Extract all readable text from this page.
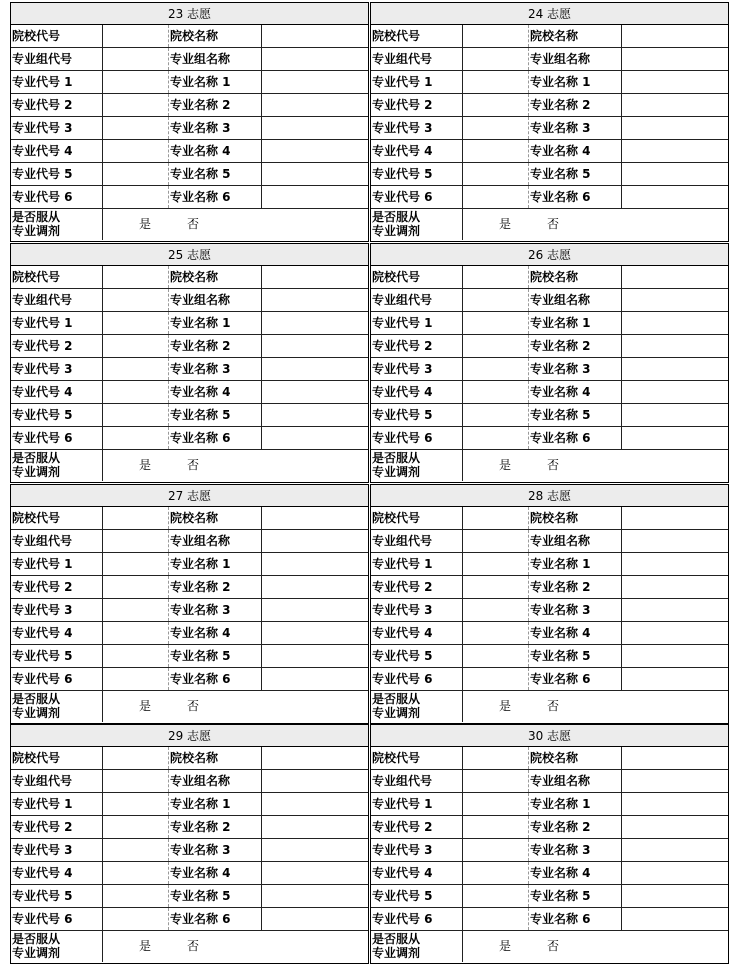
23 志愿
院校代号	院校名称
专业组代号	专业组名称
专业代号 1	专业名称 1
专业代号 2	专业名称 2
专业代号 3	专业名称 3
专业代号 4	专业名称 4
专业代号 5	专业名称 5
专业代号 6	专业名称 6
是否服从
专业调剂	是	否
24 志愿
院校代号	院校名称
专业组代号	专业组名称
专业代号 1	专业名称 1
专业代号 2	专业名称 2
专业代号 3	专业名称 3
专业代号 4	专业名称 4
专业代号 5	专业名称 5
专业代号 6	专业名称 6
是否服从
专业调剂	是	否
25 志愿
院校代号	院校名称
专业组代号	专业组名称
专业代号 1	专业名称 1
专业代号 2	专业名称 2
专业代号 3	专业名称 3
专业代号 4	专业名称 4
专业代号 5	专业名称 5
专业代号 6	专业名称 6
是否服从
专业调剂	是	否
26 志愿
院校代号	院校名称
专业组代号	专业组名称
专业代号 1	专业名称 1
专业代号 2	专业名称 2
专业代号 3	专业名称 3
专业代号 4	专业名称 4
专业代号 5	专业名称 5
专业代号 6	专业名称 6
是否服从
专业调剂	是	否
27 志愿
院校代号	院校名称
专业组代号	专业组名称
专业代号 1	专业名称 1
专业代号 2	专业名称 2
专业代号 3	专业名称 3
专业代号 4	专业名称 4
专业代号 5	专业名称 5
专业代号 6	专业名称 6
是否服从
专业调剂	是	否
28 志愿
院校代号	院校名称
专业组代号	专业组名称
专业代号 1	专业名称 1
专业代号 2	专业名称 2
专业代号 3	专业名称 3
专业代号 4	专业名称 4
专业代号 5	专业名称 5
专业代号 6	专业名称 6
是否服从
专业调剂	是	否
29 志愿
院校代号	院校名称
专业组代号	专业组名称
专业代号 1	专业名称 1
专业代号 2	专业名称 2
专业代号 3	专业名称 3
专业代号 4	专业名称 4
专业代号 5	专业名称 5
专业代号 6	专业名称 6
是否服从
专业调剂	是	否
30 志愿
院校代号	院校名称
专业组代号	专业组名称
专业代号 1	专业名称 1
专业代号 2	专业名称 2
专业代号 3	专业名称 3
专业代号 4	专业名称 4
专业代号 5	专业名称 5
专业代号 6	专业名称 6
是否服从
专业调剂	是	否
